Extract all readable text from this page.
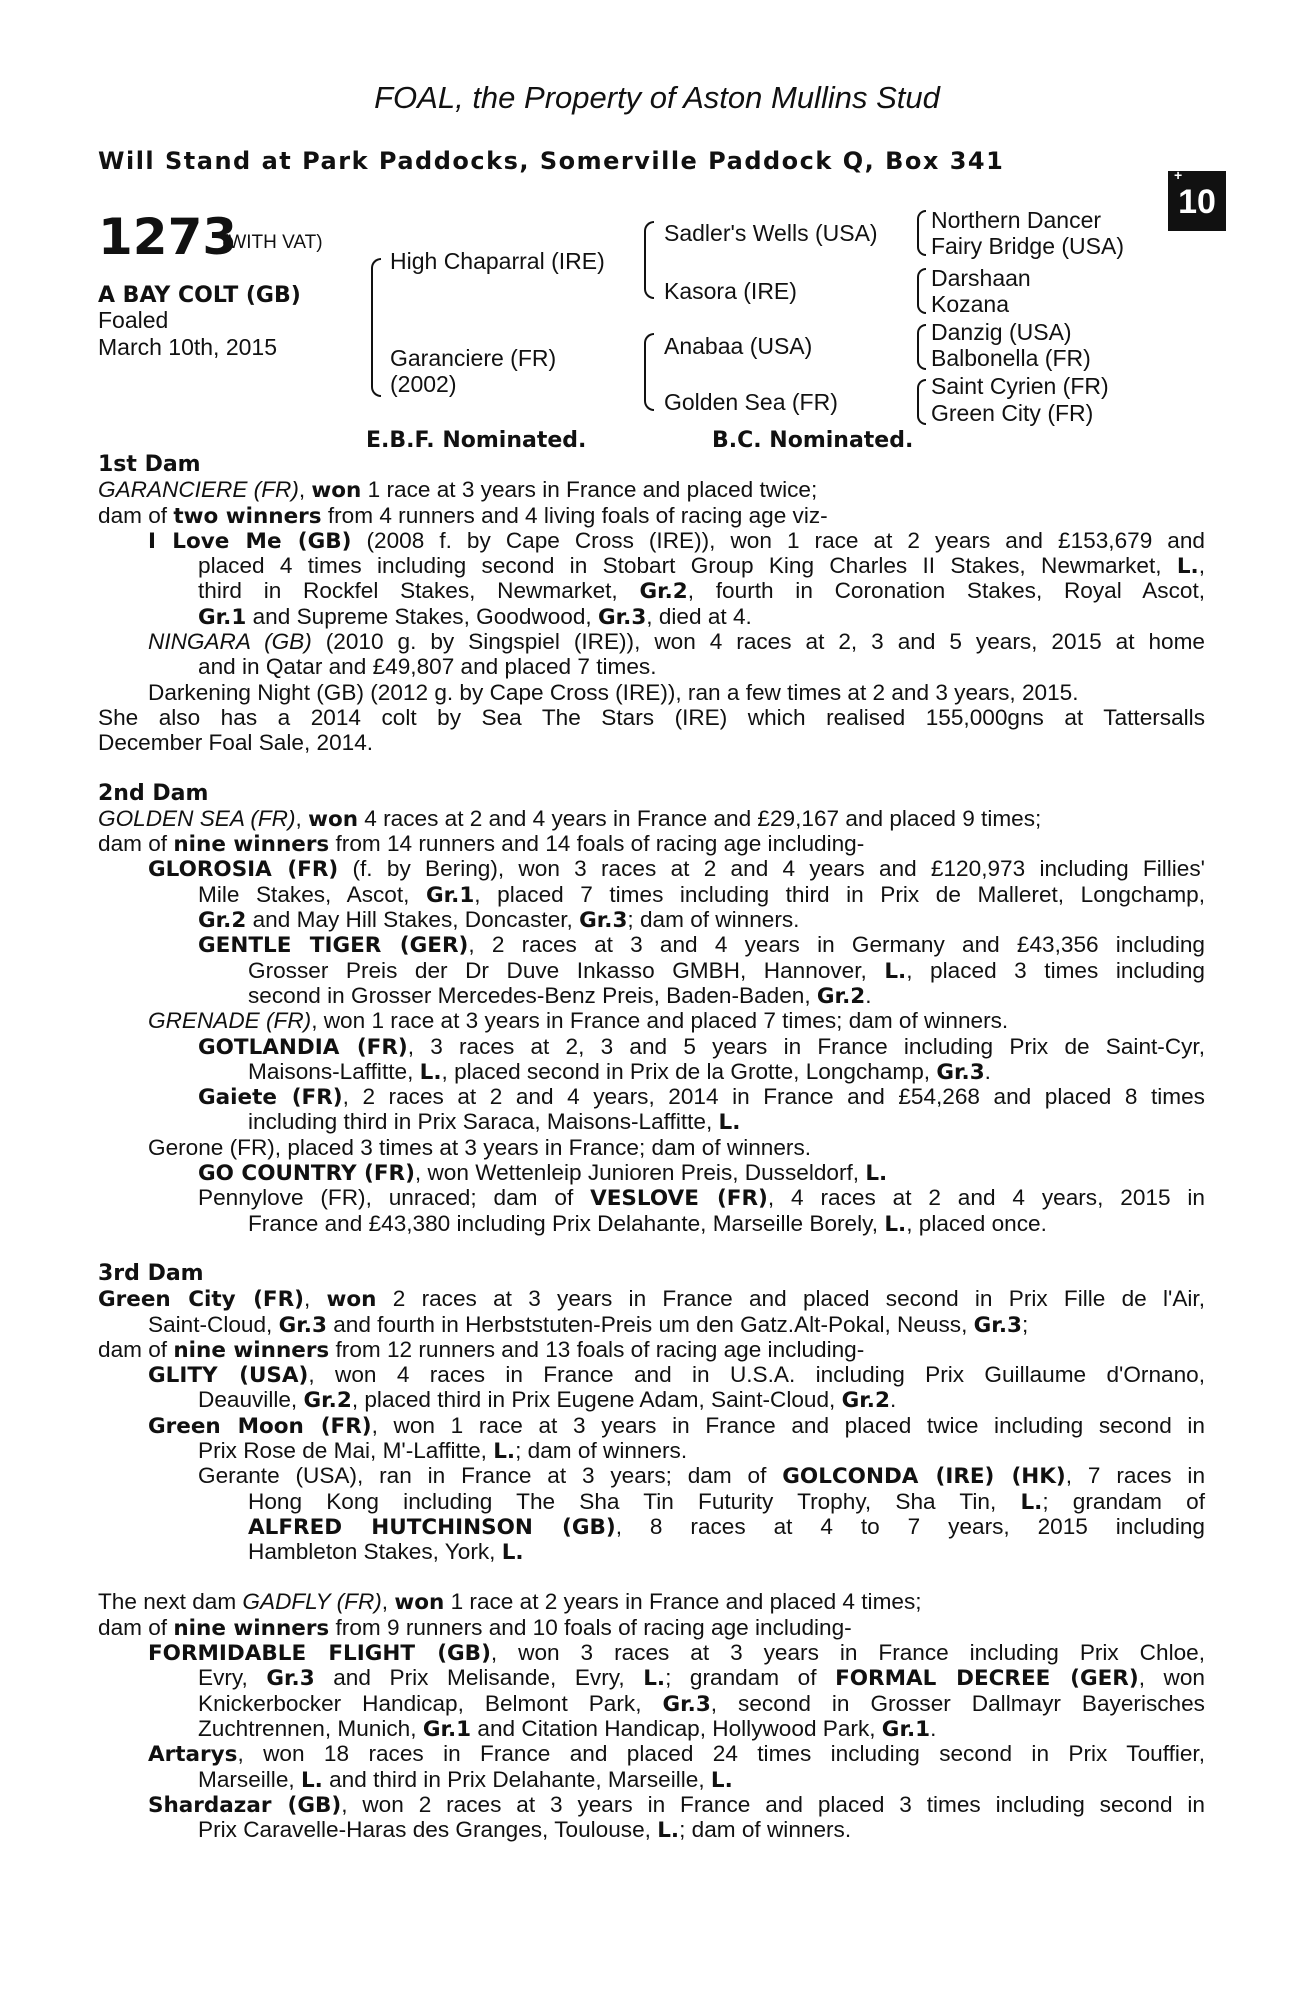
FOAL, the Property of Aston Mullins Stud
Will Stand at Park Paddocks, Somerville Paddock Q, Box 341	+
10
1273
(WITH VAT)
A BAY COLT (GB)
Foaled
March 10th, 2015
High Chaparral (IRE)
Garanciere (FR)
(2002)
Sadler's Wells (USA)
Kasora (IRE)
Anabaa (USA)
Golden Sea (FR)
Northern Dancer
Fairy Bridge (USA)
Darshaan
Kozana
Danzig (USA)
Balbonella (FR)
Saint Cyrien (FR)
Green City (FR)
E.B.F. Nominated.	B.C. Nominated.
1st Dam
GARANCIERE (FR), won 1 race at 3 years in France and placed twice;
dam of two winners from 4 runners and 4 living foals of racing age viz-
I Love Me (GB) (2008 f. by Cape Cross (IRE)), won 1 race at 2 years and £153,679 and
placed 4 times including second in Stobart Group King Charles II Stakes, Newmarket, L.,
third in Rockfel Stakes, Newmarket, Gr.2, fourth in Coronation Stakes, Royal Ascot,
Gr.1 and Supreme Stakes, Goodwood, Gr.3, died at 4.
NINGARA (GB) (2010 g. by Singspiel (IRE)), won 4 races at 2, 3 and 5 years, 2015 at home
and in Qatar and £49,807 and placed 7 times.
Darkening Night (GB) (2012 g. by Cape Cross (IRE)), ran a few times at 2 and 3 years, 2015.
She also has a 2014 colt by Sea The Stars (IRE) which realised 155,000gns at Tattersalls
December Foal Sale, 2014.
2nd Dam
GOLDEN SEA (FR), won 4 races at 2 and 4 years in France and £29,167 and placed 9 times;
dam of nine winners from 14 runners and 14 foals of racing age including-
GLOROSIA (FR) (f. by Bering), won 3 races at 2 and 4 years and £120,973 including Fillies'
Mile Stakes, Ascot, Gr.1, placed 7 times including third in Prix de Malleret, Longchamp,
Gr.2 and May Hill Stakes, Doncaster, Gr.3; dam of winners.
GENTLE TIGER (GER), 2 races at 3 and 4 years in Germany and £43,356 including
Grosser Preis der Dr Duve Inkasso GMBH, Hannover, L., placed 3 times including
second in Grosser Mercedes-Benz Preis, Baden-Baden, Gr.2.
GRENADE (FR), won 1 race at 3 years in France and placed 7 times; dam of winners.
GOTLANDIA (FR), 3 races at 2, 3 and 5 years in France including Prix de Saint-Cyr,
Maisons-Laffitte, L., placed second in Prix de la Grotte, Longchamp, Gr.3.
Gaiete (FR), 2 races at 2 and 4 years, 2014 in France and £54,268 and placed 8 times
including third in Prix Saraca, Maisons-Laffitte, L.
Gerone (FR), placed 3 times at 3 years in France; dam of winners.
GO COUNTRY (FR), won Wettenleip Junioren Preis, Dusseldorf, L.
Pennylove (FR), unraced; dam of VESLOVE (FR), 4 races at 2 and 4 years, 2015 in
France and £43,380 including Prix Delahante, Marseille Borely, L., placed once.
3rd Dam
Green City (FR), won 2 races at 3 years in France and placed second in Prix Fille de l'Air,
Saint-Cloud, Gr.3 and fourth in Herbststuten-Preis um den Gatz.Alt-Pokal, Neuss, Gr.3;
dam of nine winners from 12 runners and 13 foals of racing age including-
GLITY (USA), won 4 races in France and in U.S.A. including Prix Guillaume d'Ornano,
Deauville, Gr.2, placed third in Prix Eugene Adam, Saint-Cloud, Gr.2.
Green Moon (FR), won 1 race at 3 years in France and placed twice including second in
Prix Rose de Mai, M'-Laffitte, L.; dam of winners.
Gerante (USA), ran in France at 3 years; dam of GOLCONDA (IRE) (HK), 7 races in
Hong Kong including The Sha Tin Futurity Trophy, Sha Tin, L.; grandam of
ALFRED HUTCHINSON (GB), 8 races at 4 to 7 years, 2015 including
Hambleton Stakes, York, L.
The next dam GADFLY (FR), won 1 race at 2 years in France and placed 4 times;
dam of nine winners from 9 runners and 10 foals of racing age including-
FORMIDABLE FLIGHT (GB), won 3 races at 3 years in France including Prix Chloe,
Evry, Gr.3 and Prix Melisande, Evry, L.; grandam of FORMAL DECREE (GER), won
Knickerbocker Handicap, Belmont Park, Gr.3, second in Grosser Dallmayr Bayerisches
Zuchtrennen, Munich, Gr.1 and Citation Handicap, Hollywood Park, Gr.1.
Artarys, won 18 races in France and placed 24 times including second in Prix Touffier,
Marseille, L. and third in Prix Delahante, Marseille, L.
Shardazar (GB), won 2 races at 3 years in France and placed 3 times including second in
Prix Caravelle-Haras des Granges, Toulouse, L.; dam of winners.
